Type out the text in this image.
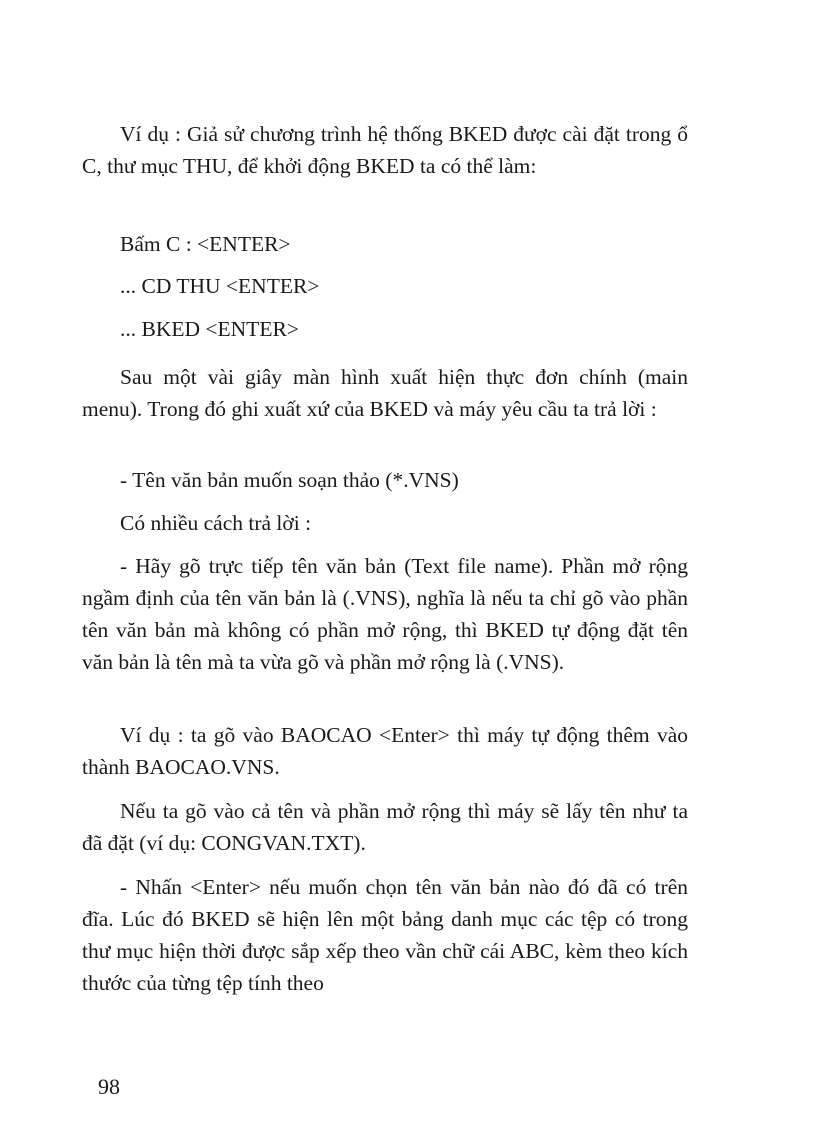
Ví dụ : Giả sử chương trình hệ thống BKED được cài đặt trong ổ C, thư mục THU, để khởi động BKED ta có thể làm:

Bấm C : <ENTER>

... CD THU <ENTER>

... BKED <ENTER>

Sau một vài giây màn hình xuất hiện thực đơn chính (main menu). Trong đó ghi xuất xứ của BKED và máy yêu cầu ta trả lời :

- Tên văn bản muốn soạn thảo (*.VNS)

Có nhiều cách trả lời :

- Hãy gõ trực tiếp tên văn bản (Text file name). Phần mở rộng ngầm định của tên văn bản là (.VNS), nghĩa là nếu ta chỉ gõ vào phần tên văn bản mà không có phần mở rộng, thì BKED tự động đặt tên văn bản là tên mà ta vừa gõ và phần mở rộng là (.VNS).

Ví dụ : ta gõ vào BAOCAO <Enter> thì máy tự động thêm vào thành BAOCAO.VNS.

Nếu ta gõ vào cả tên và phần mở rộng thì máy sẽ lấy tên như ta đã đặt (ví dụ: CONGVAN.TXT).

- Nhấn <Enter> nếu muốn chọn tên văn bản nào đó đã có trên đĩa. Lúc đó BKED sẽ hiện lên một bảng danh mục các tệp có trong thư mục hiện thời được sắp xếp theo vần chữ cái ABC, kèm theo kích thước của từng tệp tính theo

98
